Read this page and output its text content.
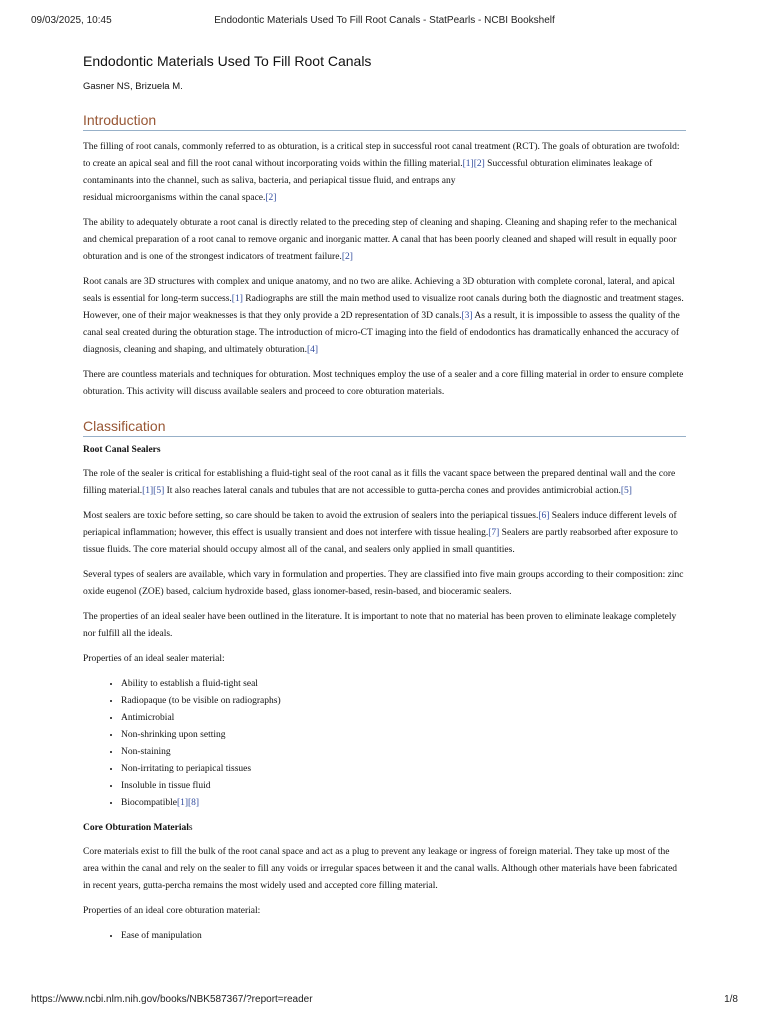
09/03/2025, 10:45	Endodontic Materials Used To Fill Root Canals - StatPearls - NCBI Bookshelf
Endodontic Materials Used To Fill Root Canals
Gasner NS, Brizuela M.
Introduction

The filling of root canals, commonly referred to as obturation, is a critical step in successful root canal treatment (RCT). The goals of obturation are twofold: to create an apical seal and fill the root canal without incorporating voids within the filling material.[1][2] Successful obturation eliminates leakage of contaminants into the channel, such as saliva, bacteria, and periapical tissue fluid, and entraps any
residual microorganisms within the canal space.[2]

The ability to adequately obturate a root canal is directly related to the preceding step of cleaning and shaping. Cleaning and shaping refer to the mechanical and chemical preparation of a root canal to remove organic and inorganic matter. A canal that has been poorly cleaned and shaped will result in equally poor obturation and is one of the strongest indicators of treatment failure.[2]

Root canals are 3D structures with complex and unique anatomy, and no two are alike. Achieving a 3D obturation with complete coronal, lateral, and apical seals is essential for long-term success.[1] Radiographs are still the main method used to visualize root canals during both the diagnostic and treatment stages. However, one of their major weaknesses is that they only provide a 2D representation of 3D canals.[3] As a result, it is impossible to assess the quality of the canal seal created during the obturation stage. The introduction of micro-CT imaging into the field of endodontics has dramatically enhanced the accuracy of diagnosis, cleaning and shaping, and ultimately obturation.[4]

There are countless materials and techniques for obturation. Most techniques employ the use of a sealer and a core filling material in order to ensure complete obturation. This activity will discuss available sealers and proceed to core obturation materials.

Classification
Root Canal Sealers

The role of the sealer is critical for establishing a fluid-tight seal of the root canal as it fills the vacant space between the prepared dentinal wall and the core filling material.[1][5] It also reaches lateral canals and tubules that are not accessible to gutta-percha cones and provides antimicrobial action.[5]

Most sealers are toxic before setting, so care should be taken to avoid the extrusion of sealers into the periapical tissues.[6] Sealers induce different levels of periapical inflammation; however, this effect is usually transient and does not interfere with tissue healing.[7] Sealers are partly reabsorbed after exposure to tissue fluids. The core material should occupy almost all of the canal, and sealers only applied in small quantities.

Several types of sealers are available, which vary in formulation and properties. They are classified into five main groups according to their composition: zinc oxide eugenol (ZOE) based, calcium hydroxide based, glass ionomer-based, resin-based, and bioceramic sealers.

The properties of an ideal sealer have been outlined in the literature. It is important to note that no material has been proven to eliminate leakage completely nor fulfill all the ideals.

Properties of an ideal sealer material:

• Ability to establish a fluid-tight seal
• Radiopaque (to be visible on radiographs)
• Antimicrobial
• Non-shrinking upon setting
• Non-staining
• Non-irritating to periapical tissues
• Insoluble in tissue fluid
• Biocompatible[1][8]
Core Obturation Materials

Core materials exist to fill the bulk of the root canal space and act as a plug to prevent any leakage or ingress of foreign material. They take up most of the area within the canal and rely on the sealer to fill any voids or irregular spaces between it and the canal walls. Although other materials have been fabricated in recent years, gutta-percha remains the most widely used and accepted core filling material.

Properties of an ideal core obturation material:

• Ease of manipulation
https://www.ncbi.nlm.nih.gov/books/NBK587367/?report=reader	1/8
